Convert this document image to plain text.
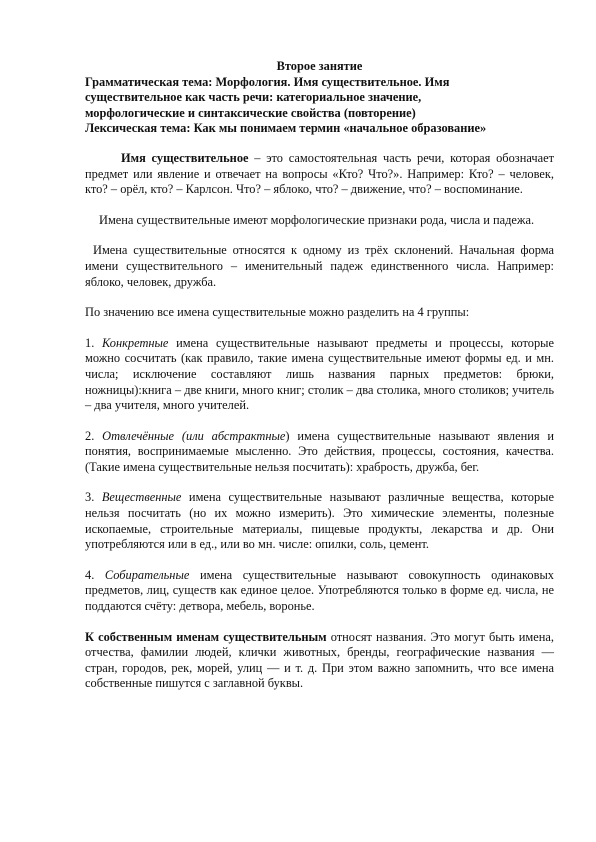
Второе занятие

Грамматическая тема: Морфология. Имя существительное. Имя

существительное как часть речи: категориальное значение,

морфологические и синтаксические свойства (повторение)

Лексическая тема: Как мы понимаем термин «начальное образование»

Имя существительное – это самостоятельная часть речи, которая обозначает предмет или явление и отвечает на вопросы «Кто? Что?». Например: Кто? – человек, кто? – орёл, кто? – Карлсон. Что? – яблоко, что? – движение, что? – воспоминание.

Имена существительные имеют морфологические признаки рода, числа и падежа.

Имена существительные относятся к одному из трёх склонений. Начальная форма имени существительного – именительный падеж единственного числа. Например: яблоко, человек, дружба.

По значению все имена существительные можно разделить на 4 группы:

1. Конкретные имена существительные называют предметы и процессы, которые можно сосчитать (как правило, такие имена существительные имеют формы ед. и мн. числа; исключение составляют лишь названия парных предметов: брюки, ножницы):книга – две книги, много книг; столик – два столика, много столиков; учитель – два учителя, много учителей.

2. Отвлечённые (или абстрактные) имена существительные называют явления и понятия, воспринимаемые мысленно. Это действия, процессы, состояния, качества. (Такие имена существительные нельзя посчитать): храбрость, дружба, бег.

3. Вещественные имена существительные называют различные вещества, которые нельзя посчитать (но их можно измерить). Это химические элементы, полезные ископаемые, строительные материалы, пищевые продукты, лекарства и др. Они употребляются или в ед., или во мн. числе: опилки, соль, цемент.

4. Собирательные имена существительные называют совокупность одинаковых предметов, лиц, существ как единое целое. Употребляются только в форме ед. числа, не поддаются счёту: детвора, мебель, воронье.

К собственным именам существительным относят названия. Это могут быть имена, отчества, фамилии людей, клички животных, бренды, географические названия — стран, городов, рек, морей, улиц — и т. д. При этом важно запомнить, что все имена собственные пишутся с заглавной буквы.
